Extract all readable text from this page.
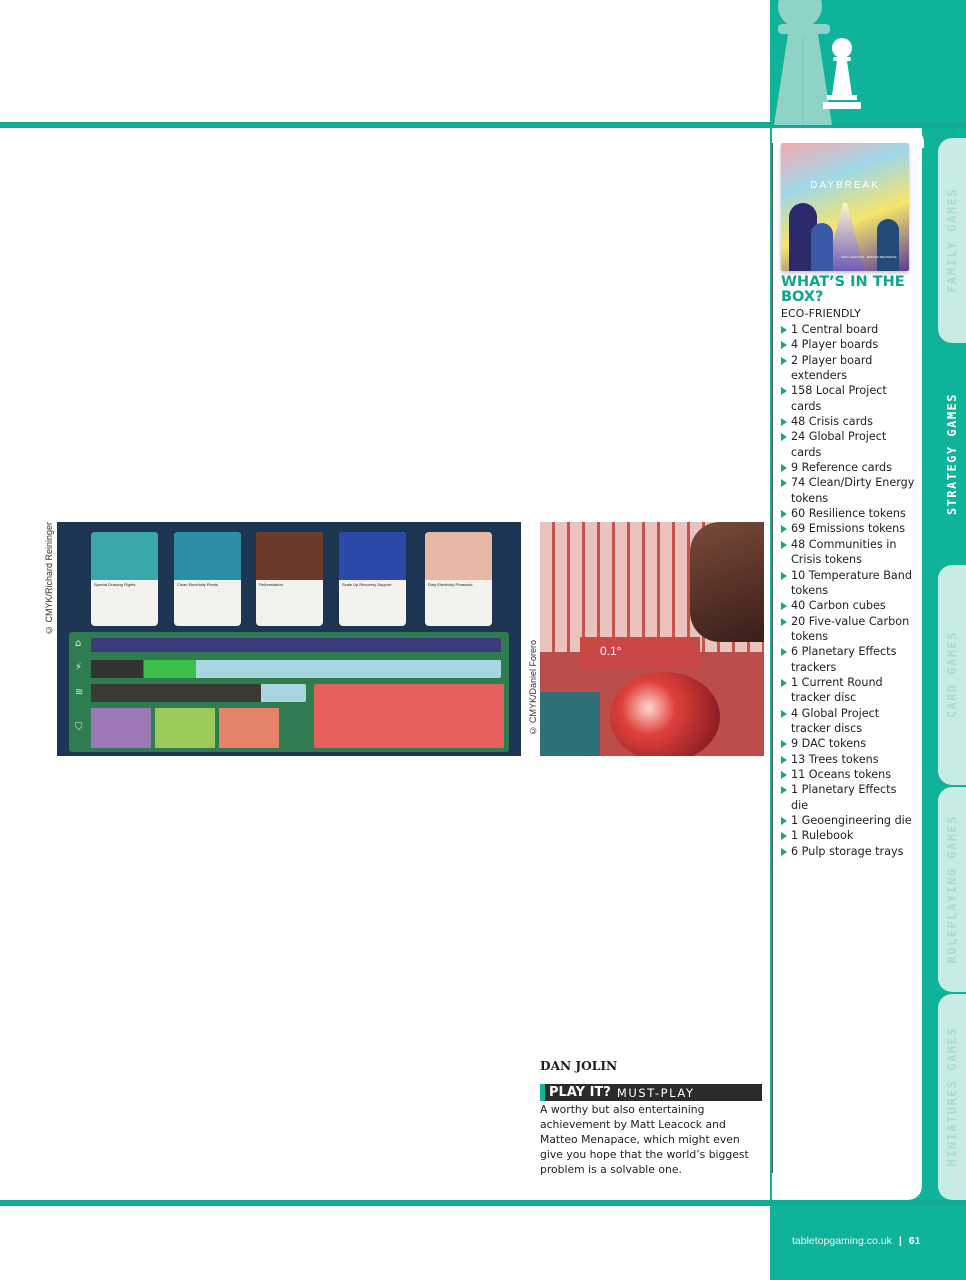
FAMILY GAMES
STRATEGY GAMES
CARD GAMES
ROLEPLAYING GAMES
MINIATURES GAMES
© CMYK/Richard Reininger	Special Drawing Rights	Clean Electricity Plants	Reforestation	Scale Up Recovery Support	Dirty Electricity Phaseout
⌂
⚡
≋
⛉	© CMYK/Daniel Forero	0.1°
DAN JOLIN
PLAY IT? MUST-PLAY
A worthy but also entertaining achievement by Matt Leacock and Matteo Menapace, which might even give you hope that the world’s biggest problem is a solvable one.
DAYBREAK
MATT LEACOCK · MATTEO MENAPACE
WHAT’S IN THE BOX?
ECO-FRIENDLY
1 Central board
4 Player boards
2 Player board extenders
158 Local Project cards
48 Crisis cards
24 Global Project cards
9 Reference cards
74 Clean/Dirty Energy tokens
60 Resilience tokens
69 Emissions tokens
48 Communities in Crisis tokens
10 Temperature Band tokens
40 Carbon cubes
20 Five-value Carbon tokens
6 Planetary Effects trackers
1 Current Round tracker disc
4 Global Project tracker discs
9 DAC tokens
13 Trees tokens
11 Oceans tokens
1 Planetary Effects die
1 Geoengineering die
1 Rulebook
6 Pulp storage trays
tabletopgaming.co.uk | 61
